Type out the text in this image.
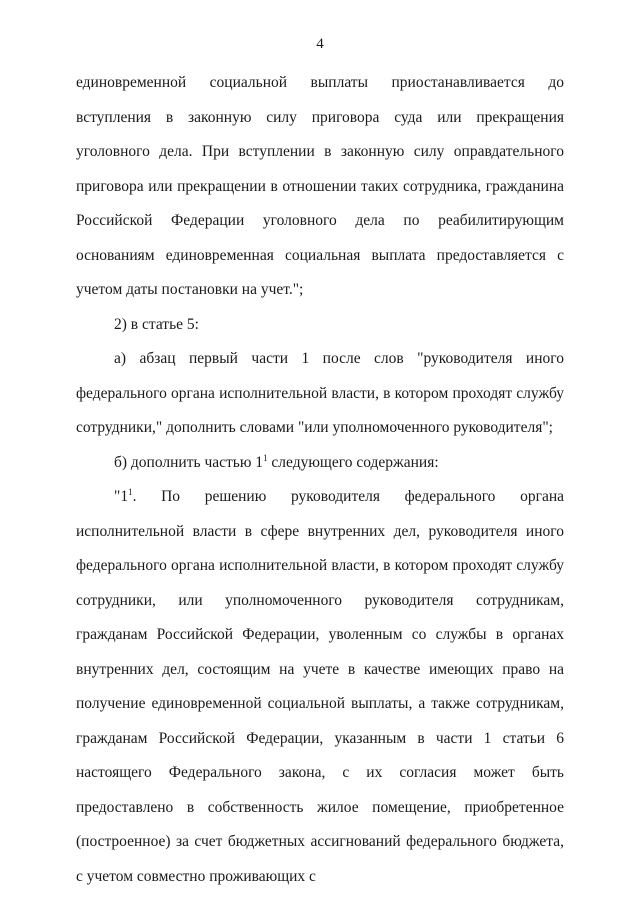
4

единовременной социальной выплаты приостанавливается до вступления в законную силу приговора суда или прекращения уголовного дела. При вступлении в законную силу оправдательного приговора или прекращении в отношении таких сотрудника, гражданина Российской Федерации уголовного дела по реабилитирующим основаниям единовременная социальная выплата предоставляется с учетом даты постановки на учет.";

2) в статье 5:

а) абзац первый части 1 после слов "руководителя иного федерального органа исполнительной власти, в котором проходят службу сотрудники," дополнить словами "или уполномоченного руководителя";

б) дополнить частью $1^1$ следующего содержания:

"$1^1$. По решению руководителя федерального органа исполнительной власти в сфере внутренних дел, руководителя иного федерального органа исполнительной власти, в котором проходят службу сотрудники, или уполномоченного руководителя сотрудникам, гражданам Российской Федерации, уволенным со службы в органах внутренних дел, состоящим на учете в качестве имеющих право на получение единовременной социальной выплаты, а также сотрудникам, гражданам Российской Федерации, указанным в части 1 статьи 6 настоящего Федерального закона, с их согласия может быть предоставлено в собственность жилое помещение, приобретенное (построенное) за счет бюджетных ассигнований федерального бюджета, с учетом совместно проживающих с
